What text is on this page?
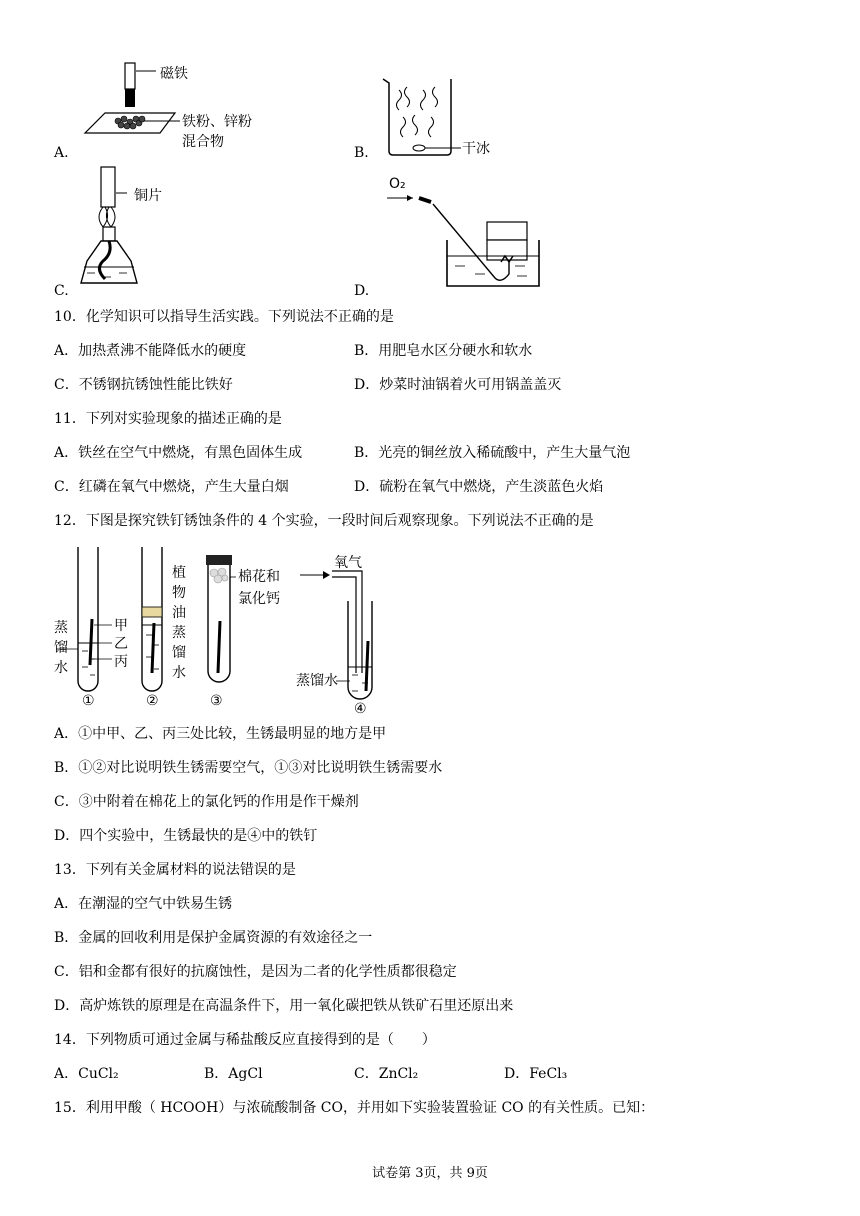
磁铁
铁粉、锌粉
混合物
A.	干冰
B.
铜片
C.
O₂
D.
10．化学知识可以指导生活实践。下列说法不正确的是
A．加热煮沸不能降低水的硬度	B．用肥皂水区分硬水和软水
C．不锈钢抗锈蚀性能比铁好	D．炒菜时油锅着火可用锅盖盖灭
11．下列对实验现象的描述正确的是
A．铁丝在空气中燃烧，有黑色固体生成	B．光亮的铜丝放入稀硫酸中，产生大量气泡
C．红磷在氧气中燃烧，产生大量白烟	D．硫粉在氧气中燃烧，产生淡蓝色火焰
12．下图是探究铁钉锈蚀条件的 4 个实验，一段时间后观察现象。下列说法不正确的是
甲
乙
丙
蒸
馏
水
①
植
物
油
蒸
馏
水
②
棉花和
氯化钙
③
氧气
蒸馏水
④
A．①中甲、乙、丙三处比较，生锈最明显的地方是甲
B．①②对比说明铁生锈需要空气，①③对比说明铁生锈需要水
C．③中附着在棉花上的氯化钙的作用是作干燥剂
D．四个实验中，生锈最快的是④中的铁钉
13．下列有关金属材料的说法错误的是
A．在潮湿的空气中铁易生锈
B．金属的回收利用是保护金属资源的有效途径之一
C．铝和金都有很好的抗腐蚀性，是因为二者的化学性质都很稳定
D．高炉炼铁的原理是在高温条件下，用一氧化碳把铁从铁矿石里还原出来
14．下列物质可通过金属与稀盐酸反应直接得到的是（　　）
A．CuCl₂	B．AgCl	C．ZnCl₂	D．FeCl₃
15．利用甲酸（ HCOOH）与浓硫酸制备 CO，并用如下实验装置验证 CO 的有关性质。已知：
试卷第 3页，共 9页
